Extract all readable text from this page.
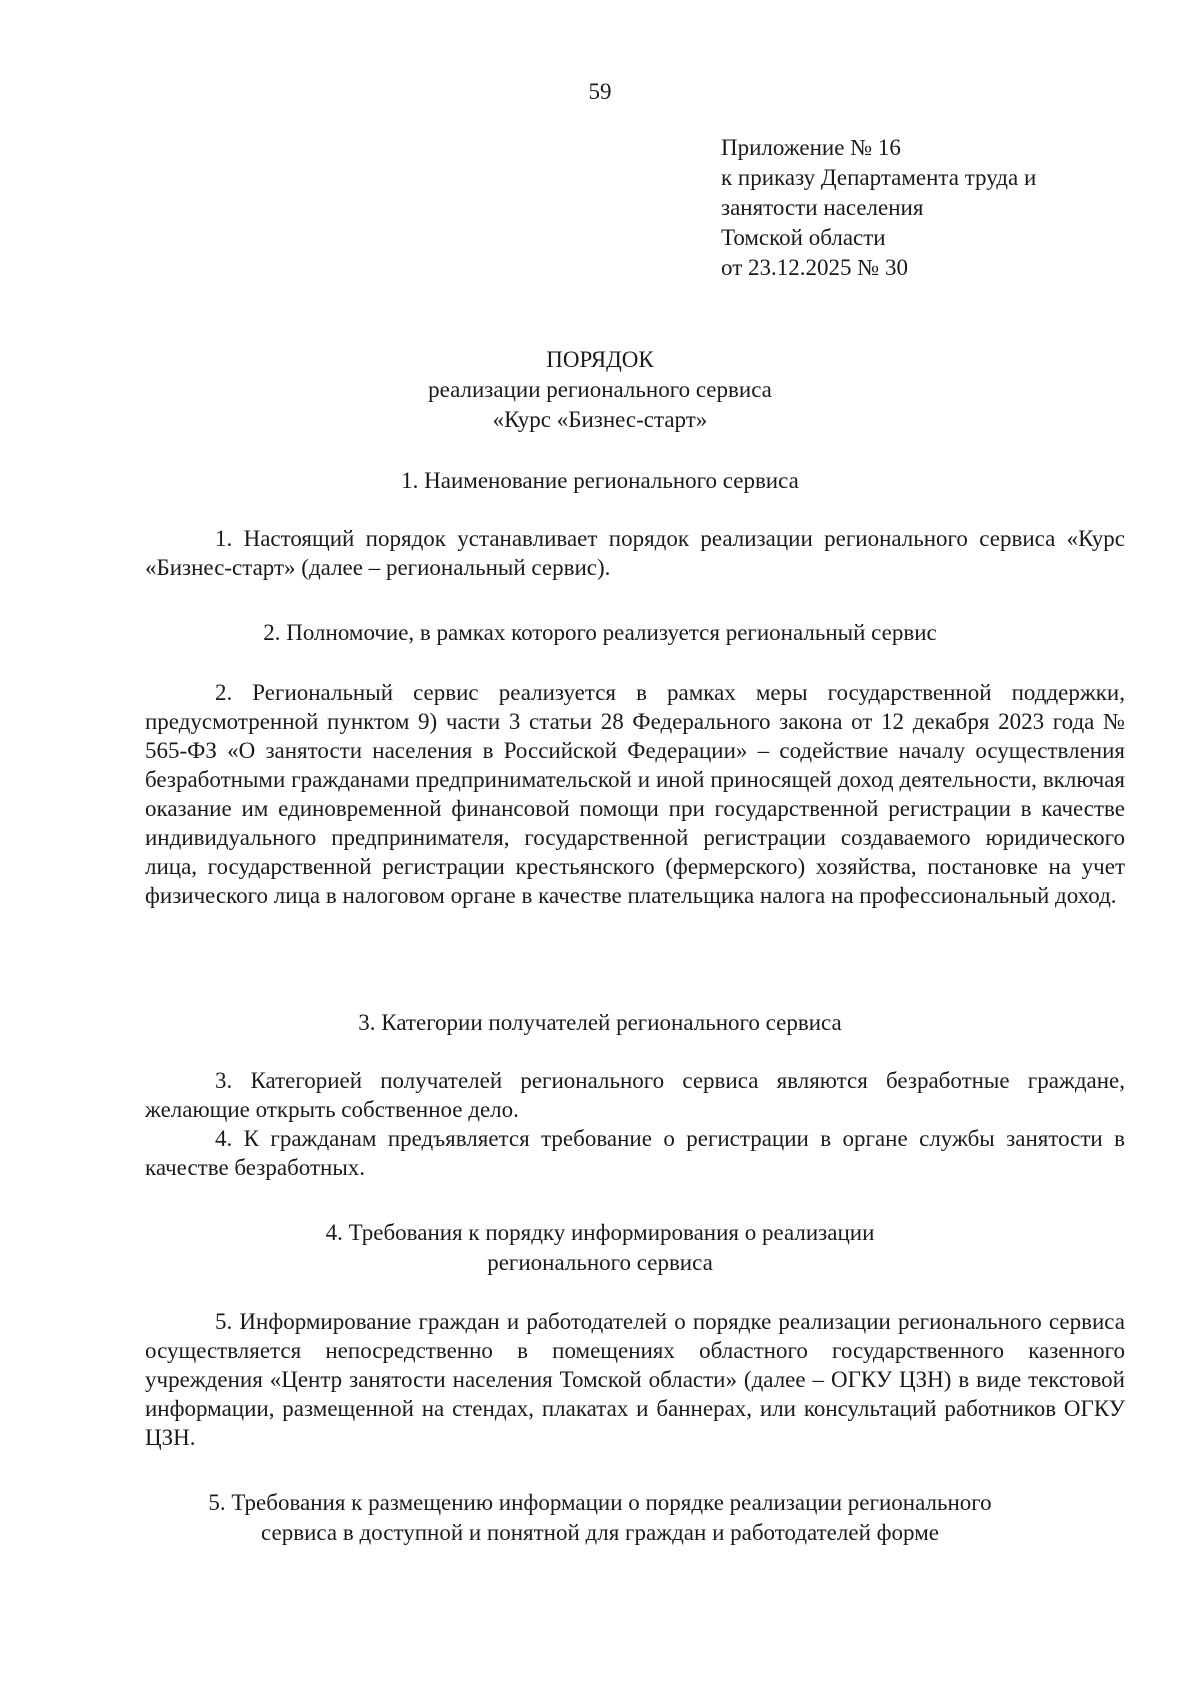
59
Приложение № 16
к приказу Департамента труда и
занятости населения
Томской области
от 23.12.2025 № 30
ПОРЯДОК
реализации регионального сервиса
«Курс «Бизнес-старт»
1. Наименование регионального сервиса
1. Настоящий порядок устанавливает порядок реализации регионального сервиса «Курс «Бизнес-старт» (далее – региональный сервис).
2. Полномочие, в рамках которого реализуется региональный сервис
2. Региональный сервис реализуется в рамках меры государственной поддержки, предусмотренной пунктом 9) части 3 статьи 28 Федерального закона от 12 декабря 2023 года № 565-ФЗ «О занятости населения в Российской Федерации» – содействие началу осуществления безработными гражданами предпринимательской и иной приносящей доход деятельности, включая оказание им единовременной финансовой помощи при государственной регистрации в качестве индивидуального предпринимателя, государственной регистрации создаваемого юридического лица, государственной регистрации крестьянского (фермерского) хозяйства, постановке на учет физического лица в налоговом органе в качестве плательщика налога на профессиональный доход.
3. Категории получателей регионального сервиса
3. Категорией получателей регионального сервиса являются безработные граждане, желающие открыть собственное дело.
4. К гражданам предъявляется требование о регистрации в органе службы занятости в качестве безработных.
4. Требования к порядку информирования о реализации
регионального сервиса
5. Информирование граждан и работодателей о порядке реализации регионального сервиса осуществляется непосредственно в помещениях областного государственного казенного учреждения «Центр занятости населения Томской области» (далее – ОГКУ ЦЗН) в виде текстовой информации, размещенной на стендах, плакатах и баннерах, или консультаций работников ОГКУ ЦЗН.
5. Требования к размещению информации о порядке реализации регионального
сервиса в доступной и понятной для граждан и работодателей форме
